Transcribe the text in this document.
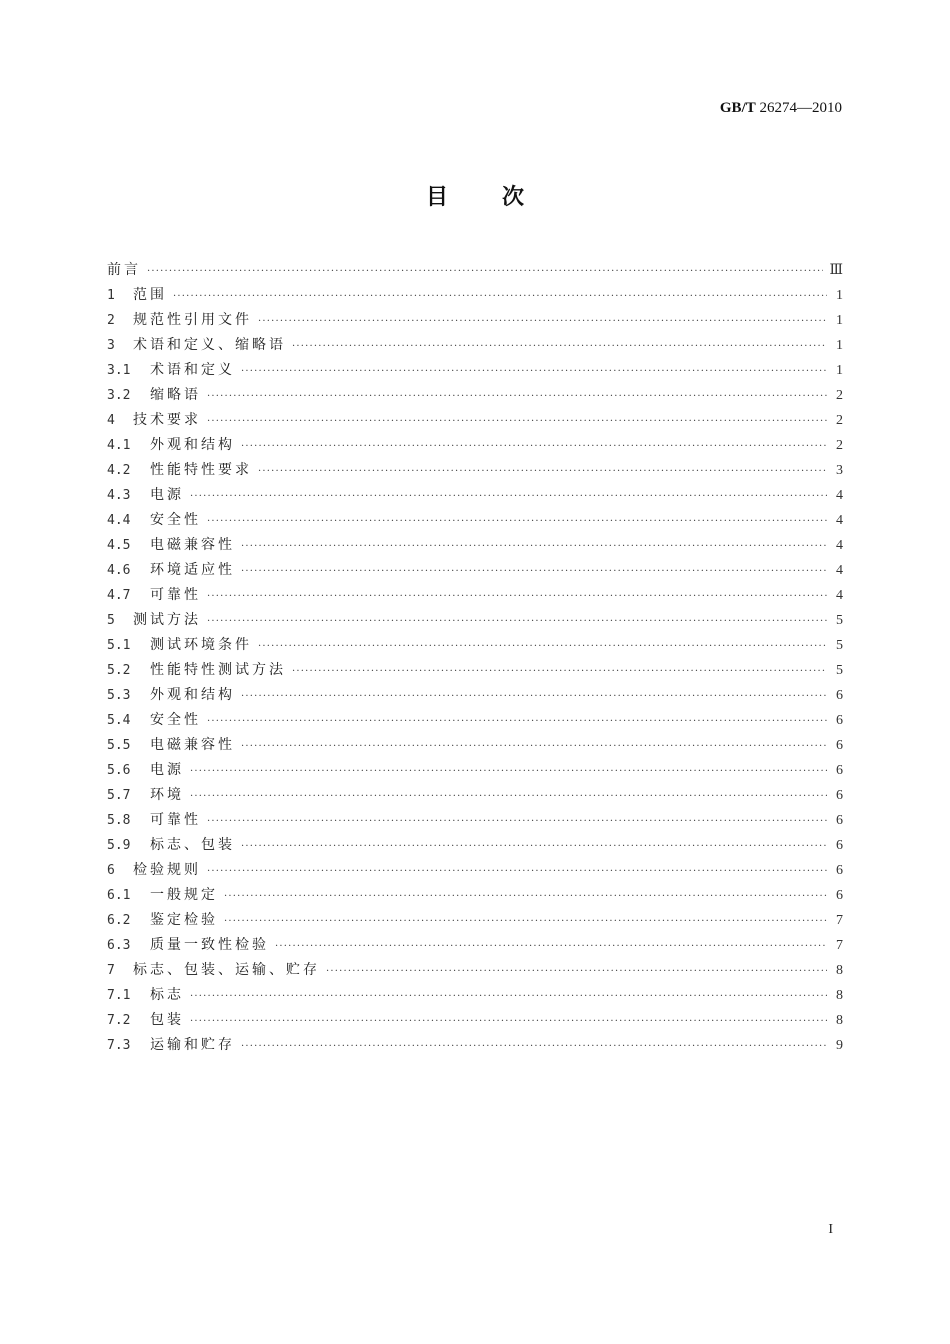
GB/T 26274—2010
目次
前言 ·····	Ⅲ
1	范围 ·····	1
2	规范性引用文件 ·····	1
3	术语和定义、缩略语 ·····	1
3.1	术语和定义 ·····	1
3.2	缩略语 ·····	2
4	技术要求 ·····	2
4.1	外观和结构 ·····	2
4.2	性能特性要求 ·····	3
4.3	电源 ·····	4
4.4	安全性 ·····	4
4.5	电磁兼容性 ·····	4
4.6	环境适应性 ·····	4
4.7	可靠性 ·····	4
5	测试方法 ·····	5
5.1	测试环境条件 ·····	5
5.2	性能特性测试方法 ·····	5
5.3	外观和结构 ·····	6
5.4	安全性 ·····	6
5.5	电磁兼容性 ·····	6
5.6	电源 ·····	6
5.7	环境 ·····	6
5.8	可靠性 ·····	6
5.9	标志、包装 ·····	6
6	检验规则 ·····	6
6.1	一般规定 ·····	6
6.2	鉴定检验 ·····	7
6.3	质量一致性检验 ·····	7
7	标志、包装、运输、贮存 ·····	8
7.1	标志 ·····	8
7.2	包装 ·····	8
7.3	运输和贮存 ·····	9
I
